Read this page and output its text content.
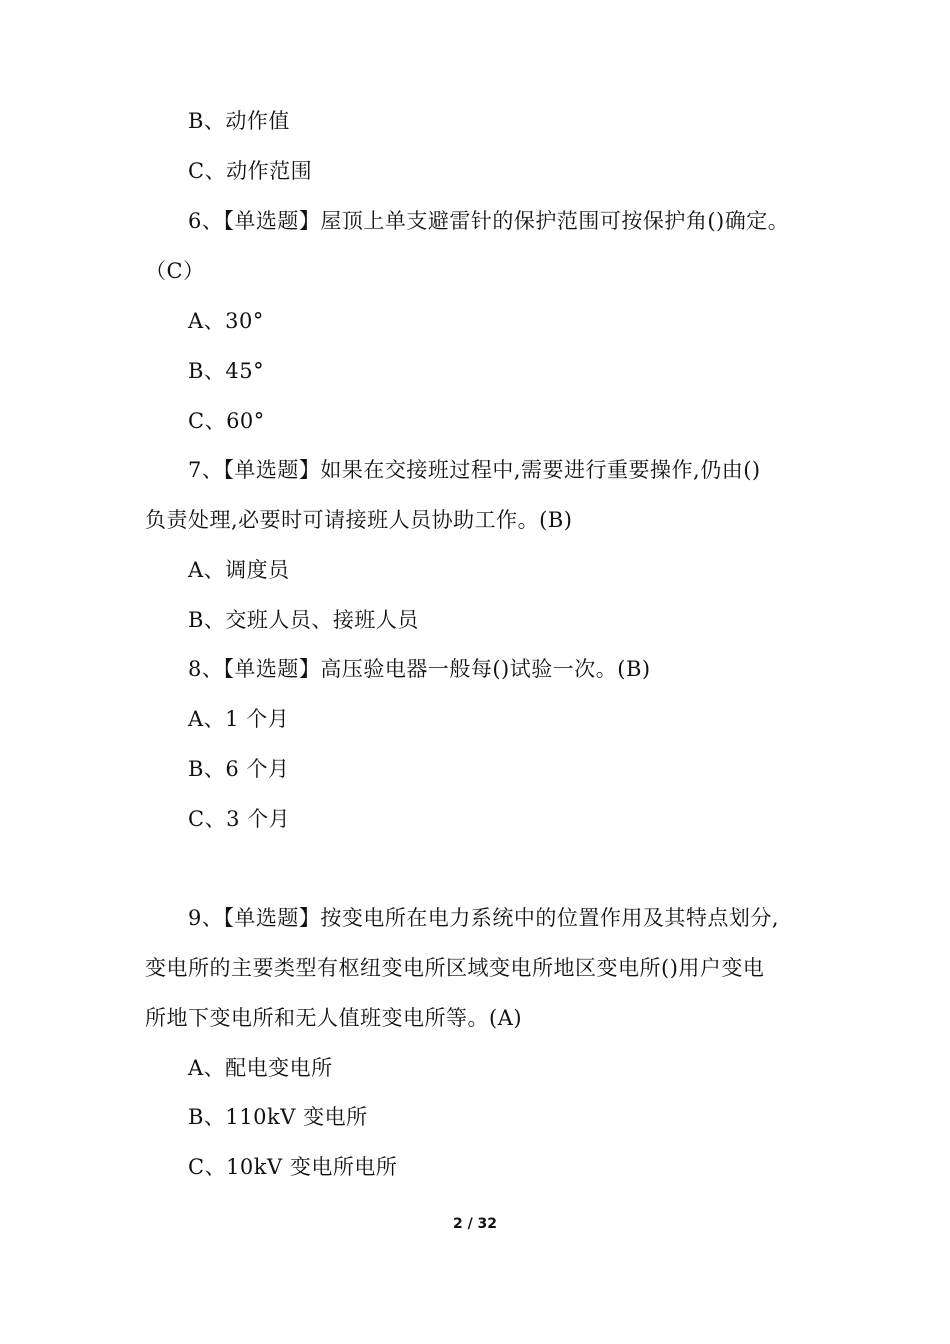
B、动作值
C、动作范围
6、【单选题】屋顶上单支避雷针的保护范围可按保护角()确定。
（C）
A、30°
B、45°
C、60°
7、【单选题】如果在交接班过程中,需要进行重要操作,仍由()
负责处理,必要时可请接班人员协助工作。(B)
A、调度员
B、交班人员、接班人员
8、【单选题】高压验电器一般每()试验一次。(B)
A、1 个月
B、6 个月
C、3 个月
9、【单选题】按变电所在电力系统中的位置作用及其特点划分,
变电所的主要类型有枢纽变电所区域变电所地区变电所()用户变电
所地下变电所和无人值班变电所等。(A)
A、配电变电所
B、110kV 变电所
C、10kV 变电所电所
2 / 32
